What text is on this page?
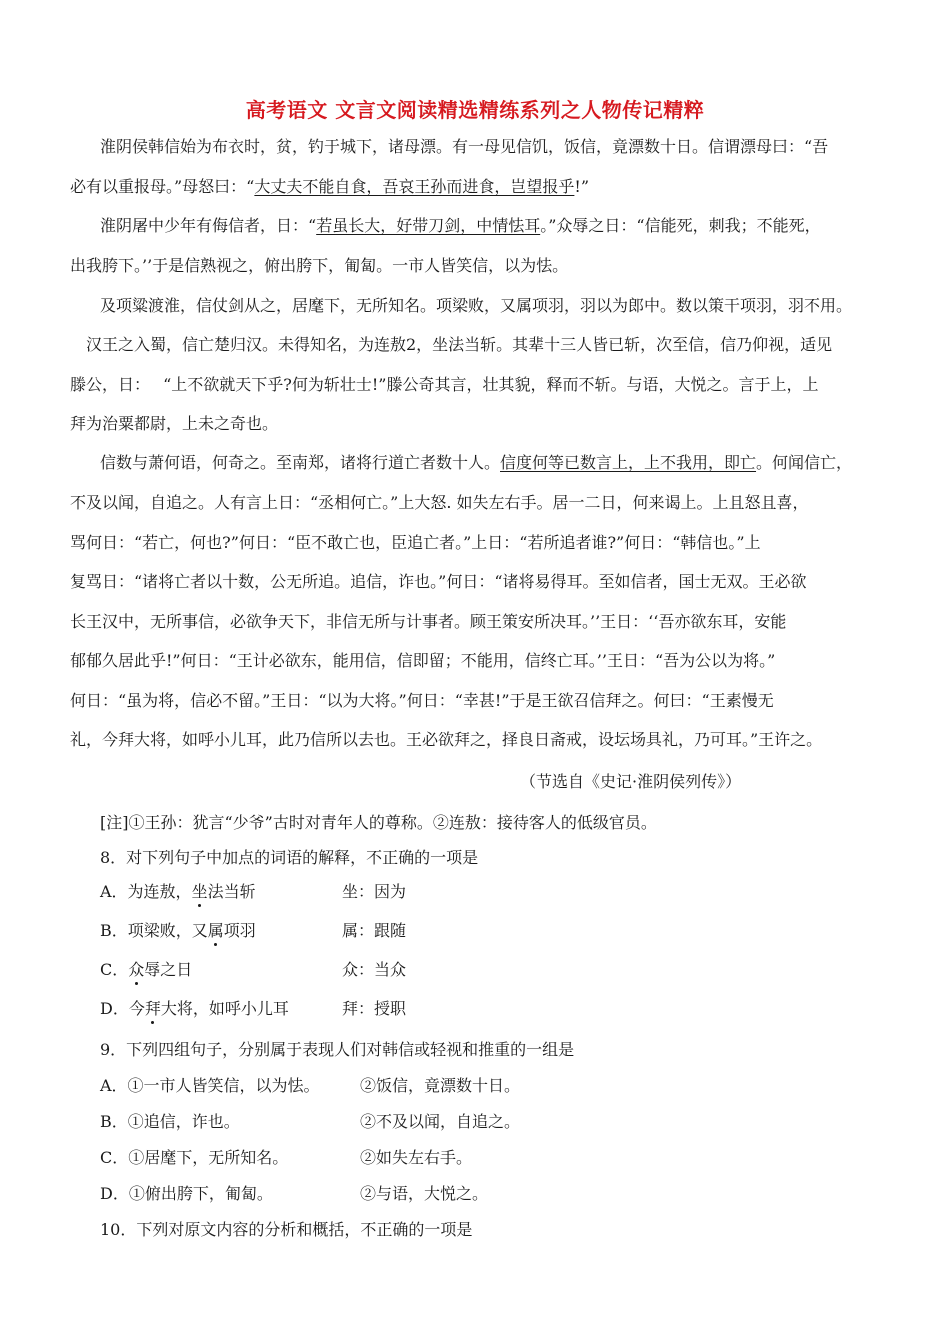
高考语文 文言文阅读精选精练系列之人物传记精粹
淮阴侯韩信始为布衣时，贫，钓于城下，诸母漂。有一母见信饥，饭信，竟漂数十日。信谓漂母曰：“吾
必有以重报母。”母怒曰：“大丈夫不能自食，吾哀王孙而进食，岂望报乎!”
淮阴屠中少年有侮信者，日：“若虽长大，好带刀剑，中情怯耳。”众辱之日：“信能死，刺我；不能死，
出我胯下。’’于是信熟视之，俯出胯下，匍匐。一市人皆笑信，以为怯。
及项粱渡淮，信仗剑从之，居麾下，无所知名。项梁败，又属项羽，羽以为郎中。数以策干项羽，羽不用。
汉王之入蜀，信亡楚归汉。未得知名，为连敖2，坐法当斩。其辈十三人皆已斩，次至信，信乃仰视，适见
滕公，日：　 “上不欲就天下乎?何为斩壮士!”滕公奇其言，壮其貌，释而不斩。与语，大悦之。言于上，上
拜为治粟都尉，上未之奇也。
信数与萧何语，何奇之。至南郑，诸将行道亡者数十人。信度何等已数言上，上不我用，即亡。何闻信亡，
不及以闻，自追之。人有言上日：“丞相何亡。”上大怒. 如失左右手。居一二日，何来谒上。上且怒且喜，
骂何日：“若亡，何也?”何日：“臣不敢亡也，臣追亡者。”上日：“若所追者谁?”何日：“韩信也。”上
复骂日：“诸将亡者以十数，公无所追。追信，诈也。”何日：“诸将易得耳。至如信者，国士无双。王必欲
长王汉中，无所事信，必欲争天下，非信无所与计事者。顾王策安所决耳。’’王日：‘‘吾亦欲东耳，安能
郁郁久居此乎!”何日：“王计必欲东，能用信，信即留；不能用，信终亡耳。’’王日：“吾为公以为将。”
何日：“虽为将，信必不留。”王日：“以为大将。”何日：“幸甚!”于是王欲召信拜之。何曰：“王素慢无
礼，今拜大将，如呼小儿耳，此乃信所以去也。王必欲拜之，择良日斋戒，设坛场具礼，乃可耳。”王许之。
（节选自《史记·淮阴侯列传》）
[注]①王孙：犹言“少爷”古时对青年人的尊称。②连敖：接待客人的低级官员。
8．对下列句子中加点的词语的解释，不正确的一项是
A．为连敖，坐法当斩	坐：因为
B．项梁败，又属项羽	属：跟随
C．众辱之日	众：当众
D．今拜大将，如呼小儿耳	拜：授职
9．下列四组句子，分别属于表现人们对韩信或轻视和推重的一组是
A．①一市人皆笑信，以为怯。	②饭信，竟漂数十日。
B．①追信，诈也。	②不及以闻，自追之。
C．①居麾下，无所知名。	②如失左右手。
D．①俯出胯下，匍匐。	②与语，大悦之。
10．下列对原文内容的分析和概括，不正确的一项是
